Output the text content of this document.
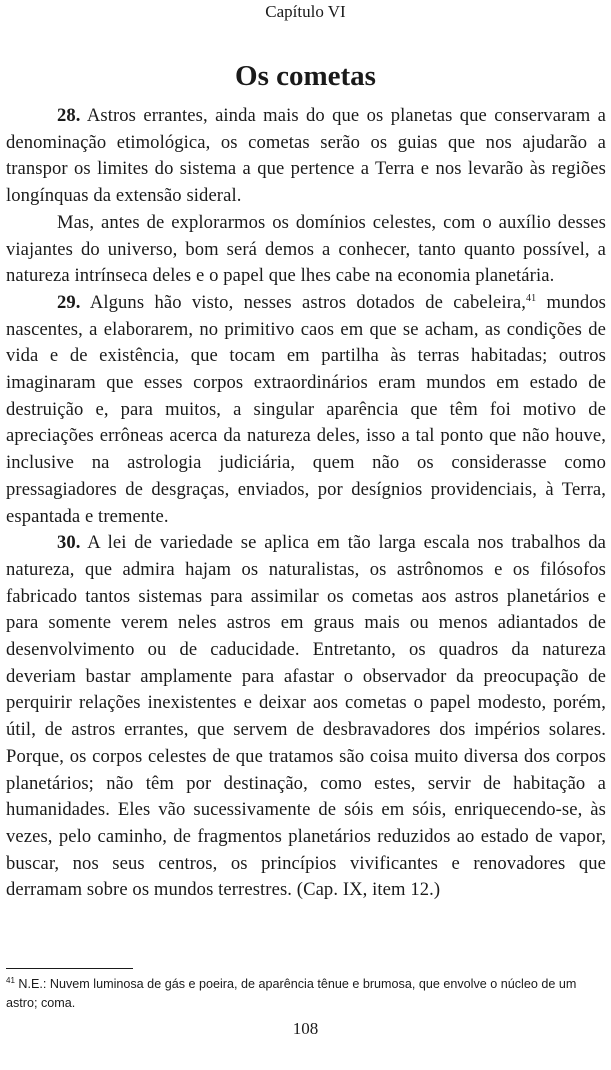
Capítulo VI
Os cometas

28. Astros errantes, ainda mais do que os planetas que conservaram a denominação etimológica, os cometas serão os guias que nos ajudarão a transpor os limites do sistema a que pertence a Terra e nos levarão às regiões longínquas da extensão sideral.

Mas, antes de explorarmos os domínios celestes, com o auxílio desses viajantes do universo, bom será demos a conhecer, tanto quanto possível, a natureza intrínseca deles e o papel que lhes cabe na economia planetária.

29. Alguns hão visto, nesses astros dotados de cabeleira,$^{41}$ mundos nascentes, a elaborarem, no primitivo caos em que se acham, as condições de vida e de existência, que tocam em partilha às terras habitadas; outros imaginaram que esses corpos extraordinários eram mundos em estado de destruição e, para muitos, a singular aparência que têm foi motivo de apreciações errôneas acerca da natureza deles, isso a tal ponto que não houve, inclusive na astrologia judiciária, quem não os considerasse como pressagiadores de desgraças, enviados, por desígnios providenciais, à Terra, espantada e tremente.

30. A lei de variedade se aplica em tão larga escala nos trabalhos da natureza, que admira hajam os naturalistas, os astrônomos e os filósofos fabricado tantos sistemas para assimilar os cometas aos astros planetários e para somente verem neles astros em graus mais ou menos adiantados de desenvolvimento ou de caducidade. Entretanto, os quadros da natureza deveriam bastar amplamente para afastar o observador da preocupação de perquirir relações inexistentes e deixar aos cometas o papel modesto, porém, útil, de astros errantes, que servem de desbravadores dos impérios solares. Porque, os corpos celestes de que tratamos são coisa muito diversa dos corpos planetários; não têm por destinação, como estes, servir de habitação a humanidades. Eles vão sucessivamente de sóis em sóis, enriquecendo-se, às vezes, pelo caminho, de fragmentos planetários reduzidos ao estado de vapor, buscar, nos seus centros, os princípios vivificantes e renovadores que derramam sobre os mundos terrestres. (Cap. IX, item 12.)

$^{41}$ N.E.: Nuvem luminosa de gás e poeira, de aparência tênue e brumosa, que envolve o núcleo de um astro; coma.
108
